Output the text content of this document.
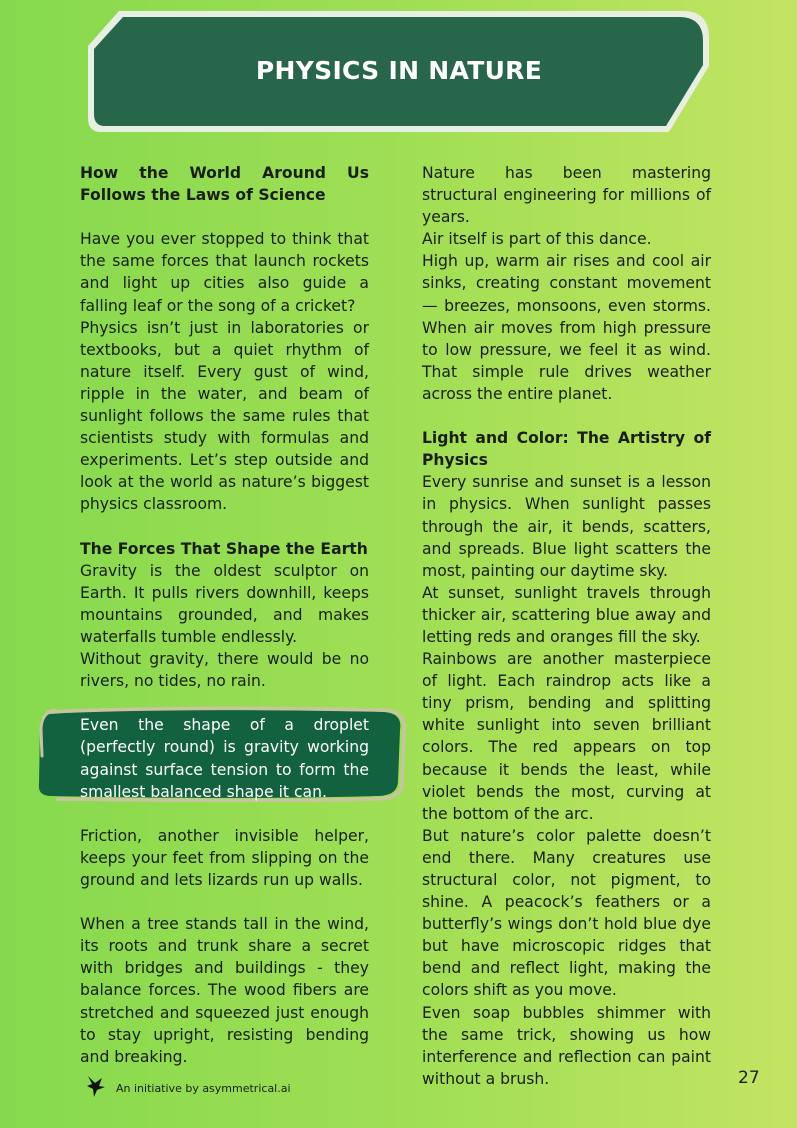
PHYSICS IN NATURE

How the World Around Us Follows the Laws of Science

Have you ever stopped to think that the same forces that launch rockets and light up cities also guide a falling leaf or the song of a cricket?

Physics isn’t just in laboratories or textbooks, but a quiet rhythm of nature itself. Every gust of wind, ripple in the water, and beam of sunlight follows the same rules that scientists study with formulas and experiments. Let’s step outside and look at the world as nature’s biggest physics classroom.

The Forces That Shape the Earth

Gravity is the oldest sculptor on Earth. It pulls rivers downhill, keeps mountains grounded, and makes waterfalls tumble endlessly.

Without gravity, there would be no rivers, no tides, no rain.

Even the shape of a droplet (perfectly round) is gravity working against surface tension to form the smallest balanced shape it can.

Friction, another invisible helper, keeps your feet from slipping on the ground and lets lizards run up walls.

When a tree stands tall in the wind, its roots and trunk share a secret with bridges and buildings - they balance forces. The wood fibers are stretched and squeezed just enough to stay upright, resisting bending and breaking.

Nature has been mastering structural engineering for millions of years.

Air itself is part of this dance.

High up, warm air rises and cool air sinks, creating constant movement — breezes, monsoons, even storms. When air moves from high pressure to low pressure, we feel it as wind. That simple rule drives weather across the entire planet.

Light and Color: The Artistry of Physics

Every sunrise and sunset is a lesson in physics. When sunlight passes through the air, it bends, scatters, and spreads. Blue light scatters the most, painting our daytime sky.

At sunset, sunlight travels through thicker air, scattering blue away and letting reds and oranges fill the sky.

Rainbows are another masterpiece of light. Each raindrop acts like a tiny prism, bending and splitting white sunlight into seven brilliant colors. The red appears on top because it bends the least, while violet bends the most, curving at the bottom of the arc.

But nature’s color palette doesn’t end there. Many creatures use structural color, not pigment, to shine. A peacock’s feathers or a butterfly’s wings don’t hold blue dye but have microscopic ridges that bend and reflect light, making the colors shift as you move.

Even soap bubbles shimmer with the same trick, showing us how interference and reflection can paint without a brush.

An initiative by asymmetrical.ai	27
